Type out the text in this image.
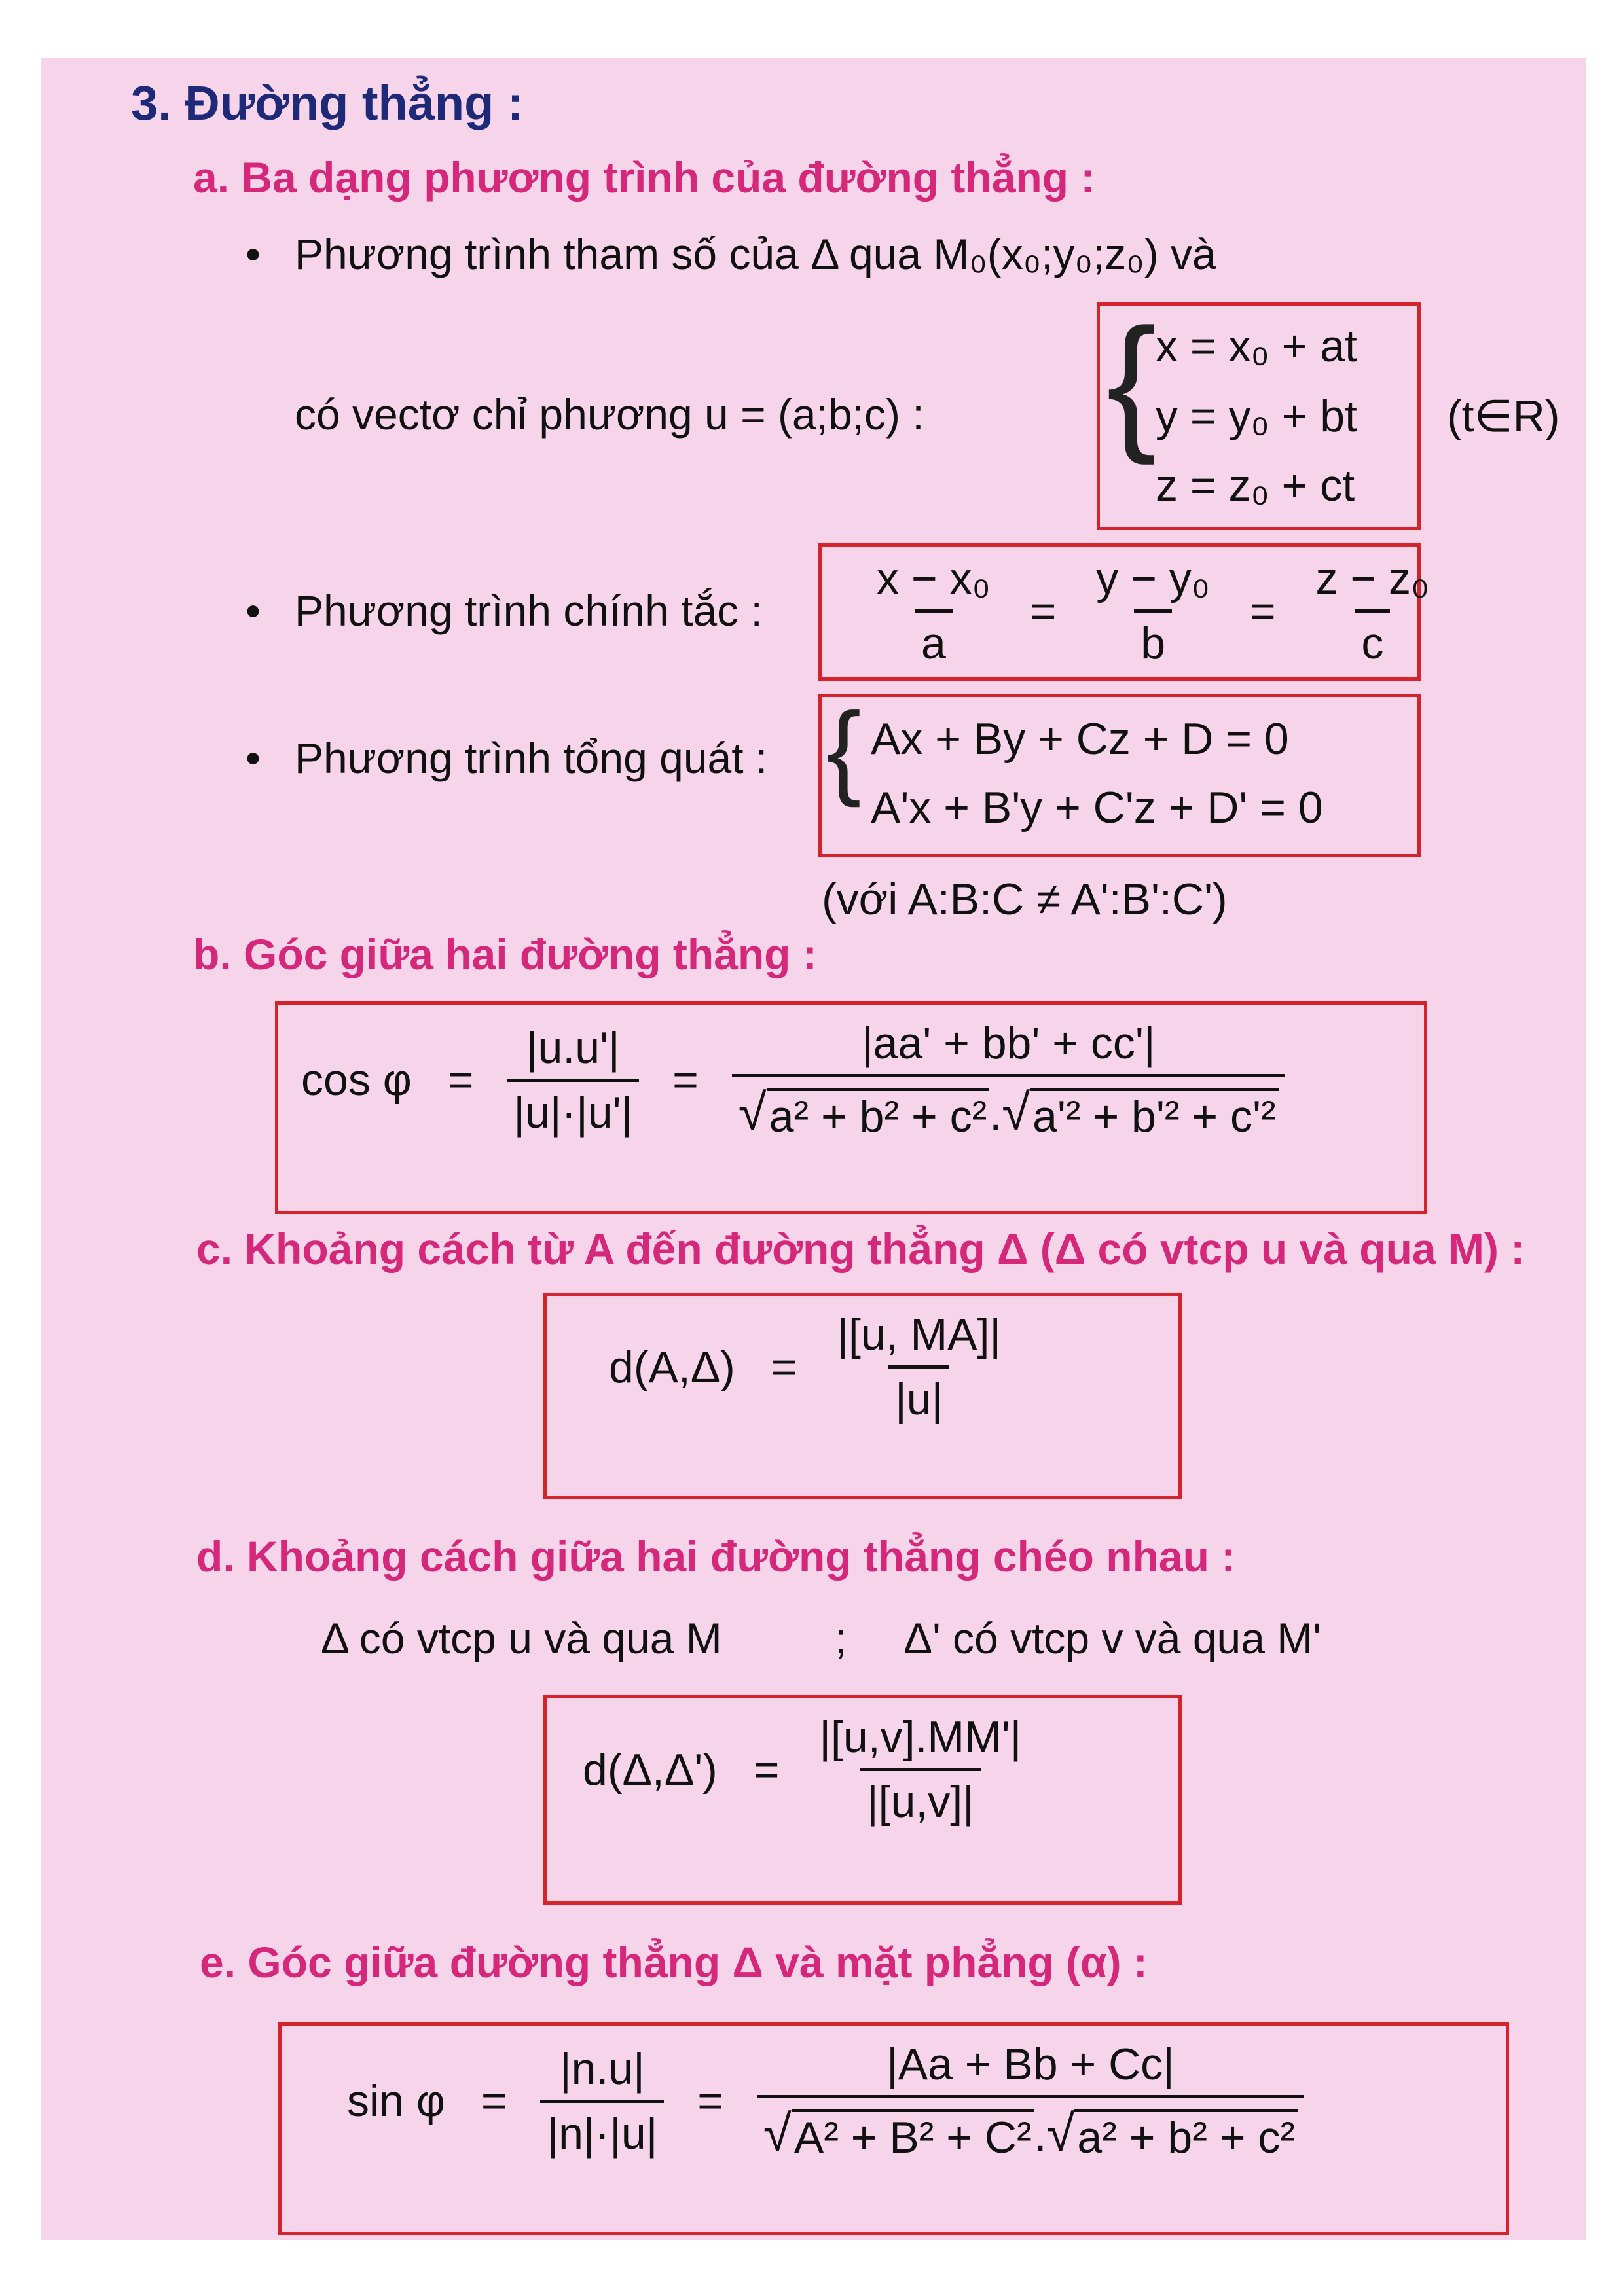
3. Đường thẳng :
a. Ba dạng phương trình của đường thẳng :
• Phương trình tham số của Δ qua M₀(x₀;y₀;z₀) và
có vectơ chỉ phương u = (a;b;c) : {
x = x₀ + at
y = y₀ + bt
z = z₀ + ct
(t∈R)
• Phương trình chính tắc : $\frac{\text{x − x₀}}{a} = \frac{\text{y − y₀}}{b} = \frac{\text{z − z₀}}{c}$
• Phương trình tổng quát : { Ax + By + Cz + D = 0
A'x + B'y + C'z + D' = 0
(với A:B:C ≠ A':B':C')
b. Góc giữa hai đường thẳng :
$\cos \varphi = \frac{|u.u'|}{|u|\cdot|u'|} = \frac{|aa' + bb' + cc'|}{\text{√ a² + b² + c² . √ a'² + b'² + c'²}}$
c. Khoảng cách từ A đến đường thẳng Δ (Δ có vtcp u và qua M) :
$d(A,\Delta) = \frac{|[u, MA]|}{|u|}$
d. Khoảng cách giữa hai đường thẳng chéo nhau :
Δ có vtcp u và qua M	; Δ' có vtcp v và qua M'
$d(\Delta,\Delta') = \frac{|[u,v].MM'|}{|[u,v]|}$
e. Góc giữa đường thẳng Δ và mặt phẳng (α) :
$\sin \varphi = \frac{|n.u|}{|n|\cdot|u|} = \frac{|Aa + Bb + Cc|}{\text{√ A² + B² + C² . √ a² + b² + c²}}$
